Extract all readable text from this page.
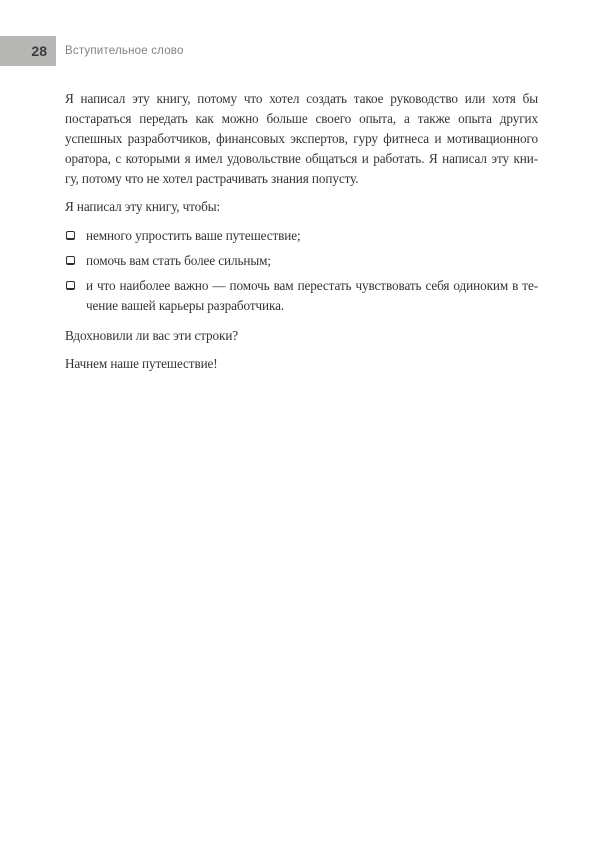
28	Вступительное слово
Я написал эту книгу, потому что хотел создать такое руководство или хотя бы
постараться передать как можно больше своего опыта, а также опыта других
успешных разработчиков, финансовых экспертов, гуру фитнеса и мотивационного
оратора, с которыми я имел удовольствие общаться и работать. Я написал эту кни-
гу, потому что не хотел растрачивать знания попусту.
Я написал эту книгу, чтобы:
немного упростить ваше путешествие;
помочь вам стать более сильным;
и что наиболее важно — помочь вам перестать чувствовать себя одиноким в те-
чение вашей карьеры разработчика.
Вдохновили ли вас эти строки?
Начнем наше путешествие!
